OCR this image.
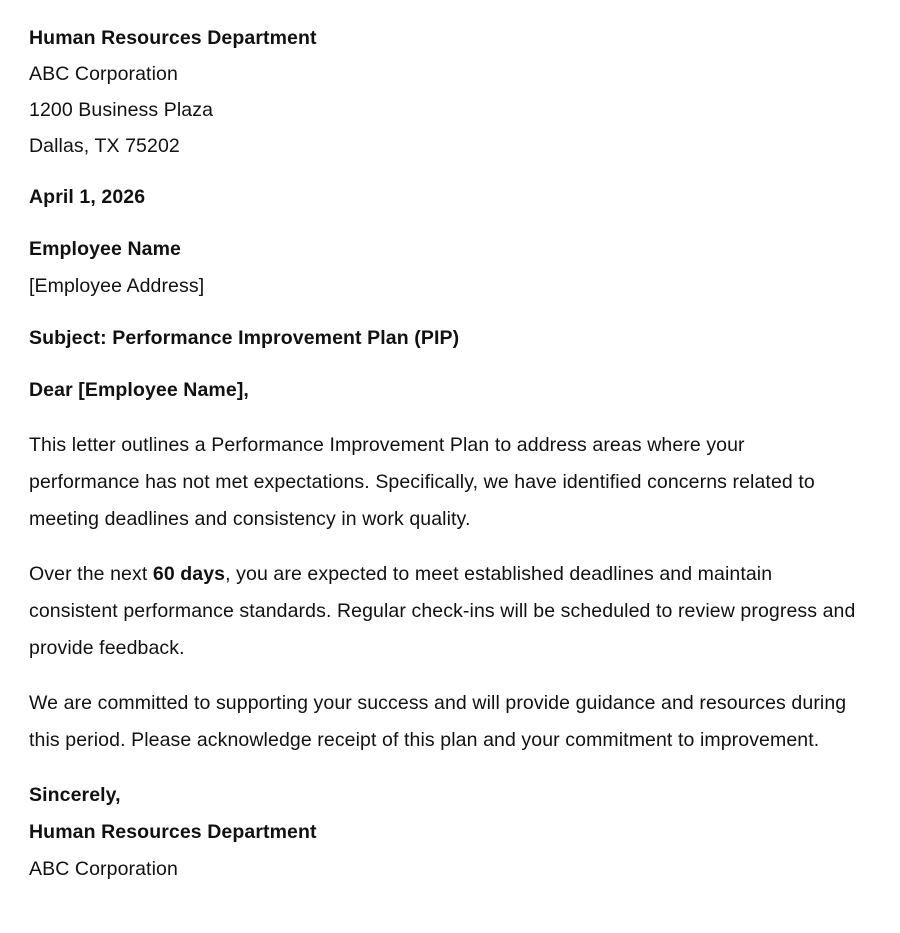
Human Resources Department
ABC Corporation
1200 Business Plaza
Dallas, TX 75202
April 1, 2026
Employee Name
[Employee Address]
Subject: Performance Improvement Plan (PIP)
Dear [Employee Name],

This letter outlines a Performance Improvement Plan to address areas where your performance has not met expectations. Specifically, we have identified concerns related to meeting deadlines and consistency in work quality.

Over the next 60 days, you are expected to meet established deadlines and maintain consistent performance standards. Regular check-ins will be scheduled to review progress and provide feedback.

We are committed to supporting your success and will provide guidance and resources during this period. Please acknowledge receipt of this plan and your commitment to improvement.

Sincerely,
Human Resources Department
ABC Corporation
